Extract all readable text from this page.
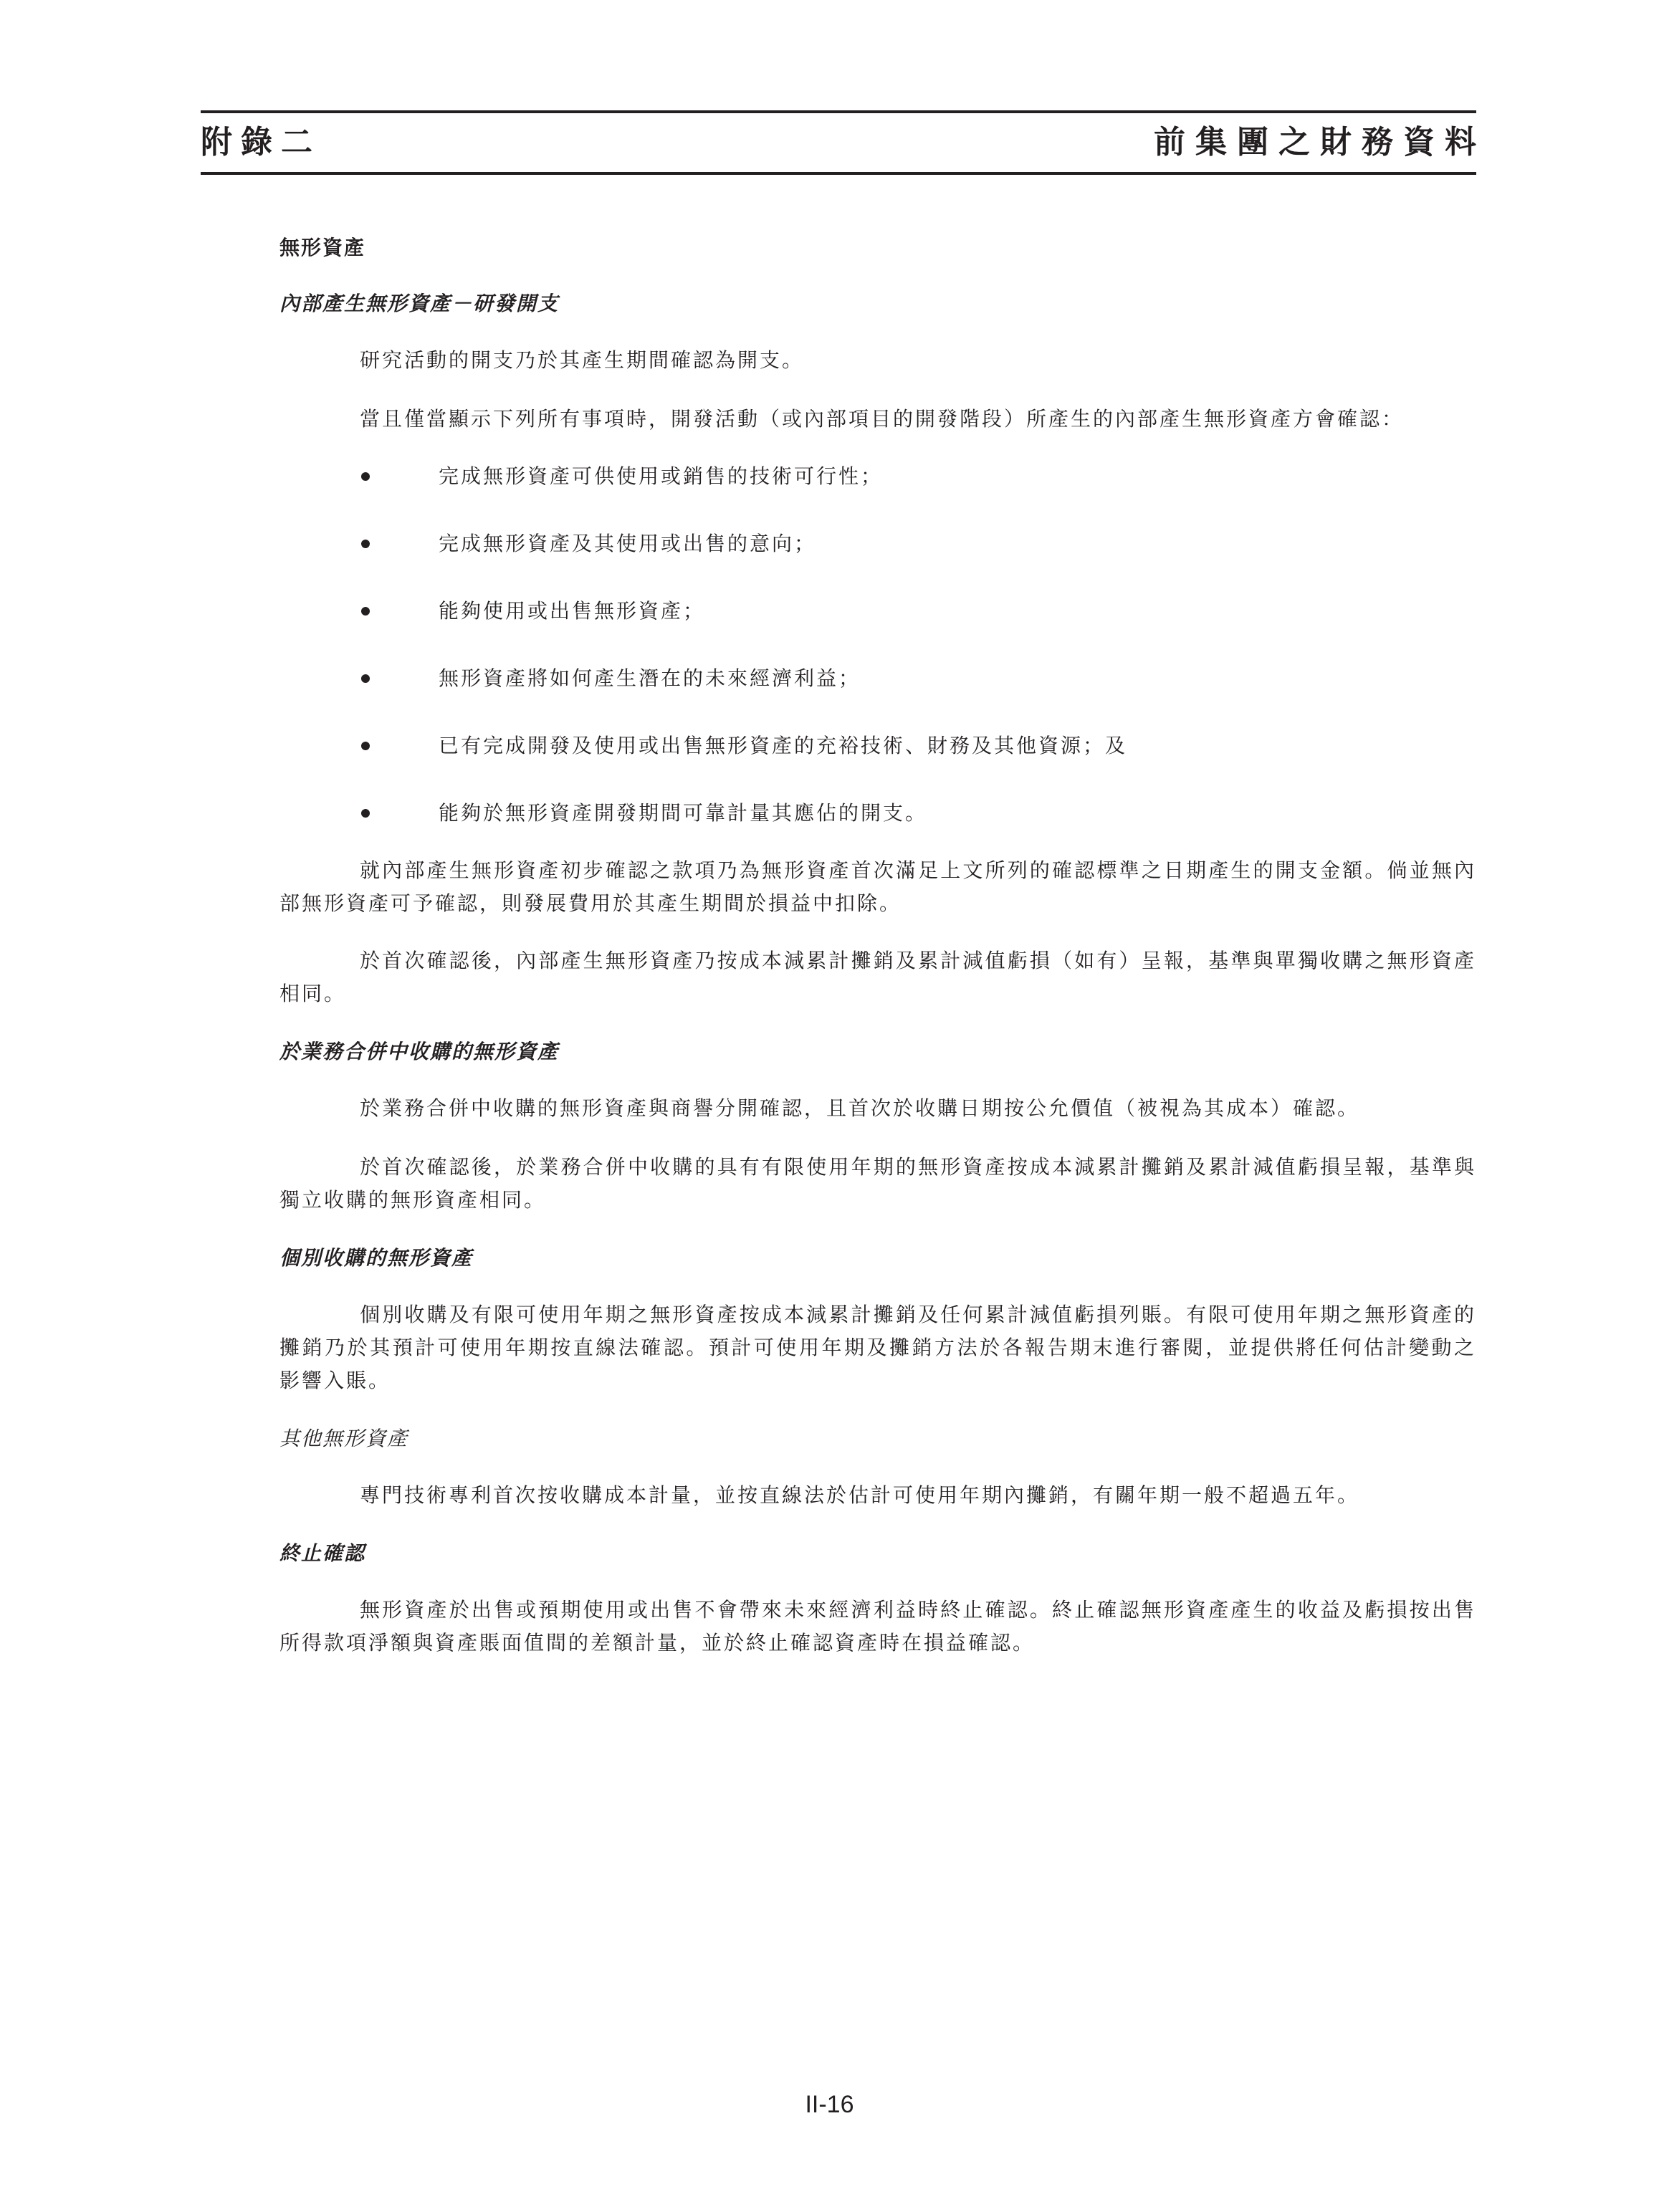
附錄二	前集團之財務資料

無形資產

內部產生無形資產－研發開支

研究活動的開支乃於其產生期間確認為開支。

當且僅當顯示下列所有事項時，開發活動（或內部項目的開發階段）所產生的內部產生無形資產方會確認：

完成無形資產可供使用或銷售的技術可行性；
完成無形資產及其使用或出售的意向；
能夠使用或出售無形資產；
無形資產將如何產生潛在的未來經濟利益；
已有完成開發及使用或出售無形資產的充裕技術、財務及其他資源；及
能夠於無形資產開發期間可靠計量其應佔的開支。

就內部產生無形資產初步確認之款項乃為無形資產首次滿足上文所列的確認標準之日期產生的開支金額。倘並無內部無形資產可予確認，則發展費用於其產生期間於損益中扣除。

於首次確認後，內部產生無形資產乃按成本減累計攤銷及累計減值虧損（如有）呈報，基準與單獨收購之無形資產相同。

於業務合併中收購的無形資產

於業務合併中收購的無形資產與商譽分開確認，且首次於收購日期按公允價值（被視為其成本）確認。

於首次確認後，於業務合併中收購的具有有限使用年期的無形資產按成本減累計攤銷及累計減值虧損呈報，基準與獨立收購的無形資產相同。

個別收購的無形資產

個別收購及有限可使用年期之無形資產按成本減累計攤銷及任何累計減值虧損列賬。有限可使用年期之無形資產的攤銷乃於其預計可使用年期按直線法確認。預計可使用年期及攤銷方法於各報告期末進行審閱，並提供將任何估計變動之影響入賬。

其他無形資產

專門技術專利首次按收購成本計量，並按直線法於估計可使用年期內攤銷，有關年期一般不超過五年。

終止確認

無形資產於出售或預期使用或出售不會帶來未來經濟利益時終止確認。終止確認無形資產產生的收益及虧損按出售所得款項淨額與資產賬面值間的差額計量，並於終止確認資產時在損益確認。

II-16
